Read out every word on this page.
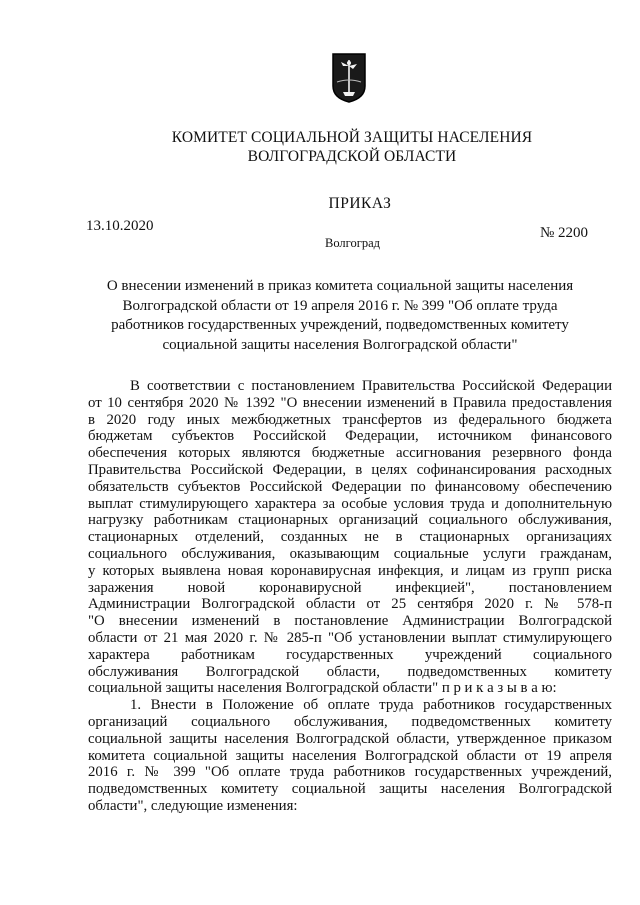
КОМИТЕТ СОЦИАЛЬНОЙ ЗАЩИТЫ НАСЕЛЕНИЯ
ВОЛГОГРАДСКОЙ ОБЛАСТИ
ПРИКАЗ
13.10.2020	№ 2200
Волгоград
О внесении изменений в приказ комитета социальной защиты населения
Волгоградской области от 19 апреля 2016 г. № 399 "Об оплате труда
работников государственных учреждений, подведомственных комитету
социальной защиты населения Волгоградской области"
В соответствии с постановлением Правительства Российской Федерации
от 10 сентября 2020 № 1392 "О внесении изменений в Правила предоставления
в 2020 году иных межбюджетных трансфертов из федерального бюджета
бюджетам субъектов Российской Федерации, источником финансового
обеспечения которых являются бюджетные ассигнования резервного фонда
Правительства Российской Федерации, в целях софинансирования расходных
обязательств субъектов Российской Федерации по финансовому обеспечению
выплат стимулирующего характера за особые условия труда и дополнительную
нагрузку работникам стационарных организаций социального обслуживания,
стационарных отделений, созданных не в стационарных организациях
социального обслуживания, оказывающим социальные услуги гражданам,
у которых выявлена новая коронавирусная инфекция, и лицам из групп риска
заражения новой коронавирусной инфекцией", постановлением
Администрации Волгоградской области от 25 сентября 2020 г. № 578-п
"О внесении изменений в постановление Администрации Волгоградской
области от 21 мая 2020 г. № 285-п "Об установлении выплат стимулирующего
характера работникам государственных учреждений социального
обслуживания Волгоградской области, подведомственных комитету
социальной защиты населения Волгоградской области" п р и к а з ы в а ю:
1. Внести в Положение об оплате труда работников государственных
организаций социального обслуживания, подведомственных комитету
социальной защиты населения Волгоградской области, утвержденное приказом
комитета социальной защиты населения Волгоградской области от 19 апреля
2016 г. № 399 "Об оплате труда работников государственных учреждений,
подведомственных комитету социальной защиты населения Волгоградской
области", следующие изменения:
